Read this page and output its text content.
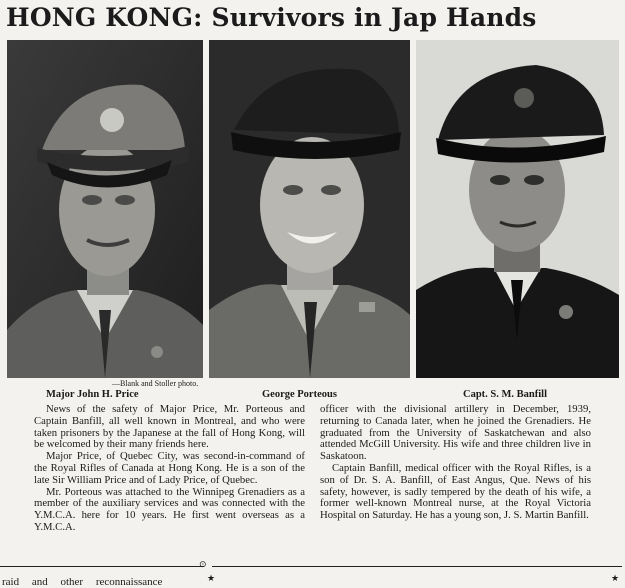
HONG KONG: Survivors in Jap Hands
—Blank and Stoller photo.
Major John H. Price	George Porteous	Capt. S. M. Banfill

News of the safety of Major Price, Mr. Porteous and Captain Banfill, all well known in Montreal, and who were taken prisoners by the Japanese at the fall of Hong Kong, will be welcomed by their many friends here.

Major Price, of Quebec City, was second-in-command of the Royal Rifles of Canada at Hong Kong. He is a son of the late Sir William Price and of Lady Price, of Quebec.

Mr. Porteous was attached to the Winnipeg Grenadiers as a member of the auxiliary services and was connected with the Y.M.C.A. here for 10 years. He first went overseas as a Y.M.C.A.

officer with the divisional artillery in December, 1939, returning to Canada later, when he joined the Grenadiers. He graduated from the University of Saskatchewan and also attended McGill University. His wife and three children live in Saskatoon.

Captain Banfill, medical officer with the Royal Rifles, is a son of Dr. S. A. Banfill, of East Angus, Que. News of his safety, however, is sadly tempered by the death of his wife, a former well-known Montreal nurse, at the Royal Victoria Hospital on Saturday. He has a young son, J. S. Martin Banfill.

⊙
★	★
raid and other reconnaissance
